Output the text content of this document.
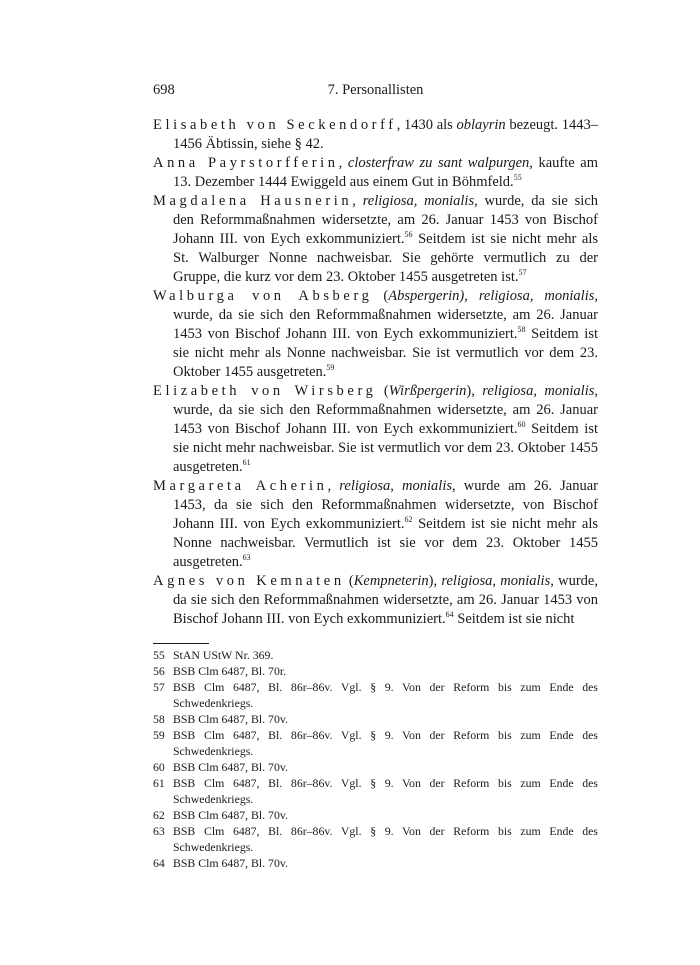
698	7. Personallisten

Elisabeth von Seckendorff, 1430 als oblayrin bezeugt. 1443–1456 Äbtissin, siehe § 42.

Anna Payrstorfferin, closterfraw zu sant walpurgen, kaufte am 13. Dezember 1444 Ewiggeld aus einem Gut in Böhmfeld.$^{55}$

Magdalena Hausnerin, religiosa, monialis, wurde, da sie sich den Reformmaßnahmen widersetzte, am 26. Januar 1453 von Bischof Johann III. von Eych exkommuniziert.$^{56}$ Seitdem ist sie nicht mehr als St. Walburger Nonne nachweisbar. Sie gehörte vermutlich zu der Gruppe, die kurz vor dem 23. Oktober 1455 ausgetreten ist.$^{57}$

Walburga von Absberg (Abspergerin), religiosa, monialis, wurde, da sie sich den Reformmaßnahmen widersetzte, am 26. Januar 1453 von Bischof Johann III. von Eych exkommuniziert.$^{58}$ Seitdem ist sie nicht mehr als Nonne nachweisbar. Sie ist vermutlich vor dem 23. Oktober 1455 ausgetreten.$^{59}$

Elizabeth von Wirsberg (Wirßpergerin), religiosa, monialis, wurde, da sie sich den Reformmaßnahmen widersetzte, am 26. Januar 1453 von Bischof Johann III. von Eych exkommuniziert.$^{60}$ Seitdem ist sie nicht mehr nachweisbar. Sie ist vermutlich vor dem 23. Oktober 1455 ausgetreten.$^{61}$

Margareta Acherin, religiosa, monialis, wurde am 26. Januar 1453, da sie sich den Reformmaßnahmen widersetzte, von Bischof Johann III. von Eych exkommuniziert.$^{62}$ Seitdem ist sie nicht mehr als Nonne nachweisbar. Vermutlich ist sie vor dem 23. Oktober 1455 ausgetreten.$^{63}$

Agnes von Kemnaten (Kempneterin), religiosa, monialis, wurde, da sie sich den Reformmaßnahmen widersetzte, am 26. Januar 1453 von Bischof Johann III. von Eych exkommuniziert.$^{64}$ Seitdem ist sie nicht

55 StAN UStW Nr. 369.
56 BSB Clm 6487, Bl. 70r.
57 BSB Clm 6487, Bl. 86r–86v. Vgl. § 9. Von der Reform bis zum Ende des Schwedenkriegs.
58 BSB Clm 6487, Bl. 70v.
59 BSB Clm 6487, Bl. 86r–86v. Vgl. § 9. Von der Reform bis zum Ende des Schwedenkriegs.
60 BSB Clm 6487, Bl. 70v.
61 BSB Clm 6487, Bl. 86r–86v. Vgl. § 9. Von der Reform bis zum Ende des Schwedenkriegs.
62 BSB Clm 6487, Bl. 70v.
63 BSB Clm 6487, Bl. 86r–86v. Vgl. § 9. Von der Reform bis zum Ende des Schwedenkriegs.
64 BSB Clm 6487, Bl. 70v.
